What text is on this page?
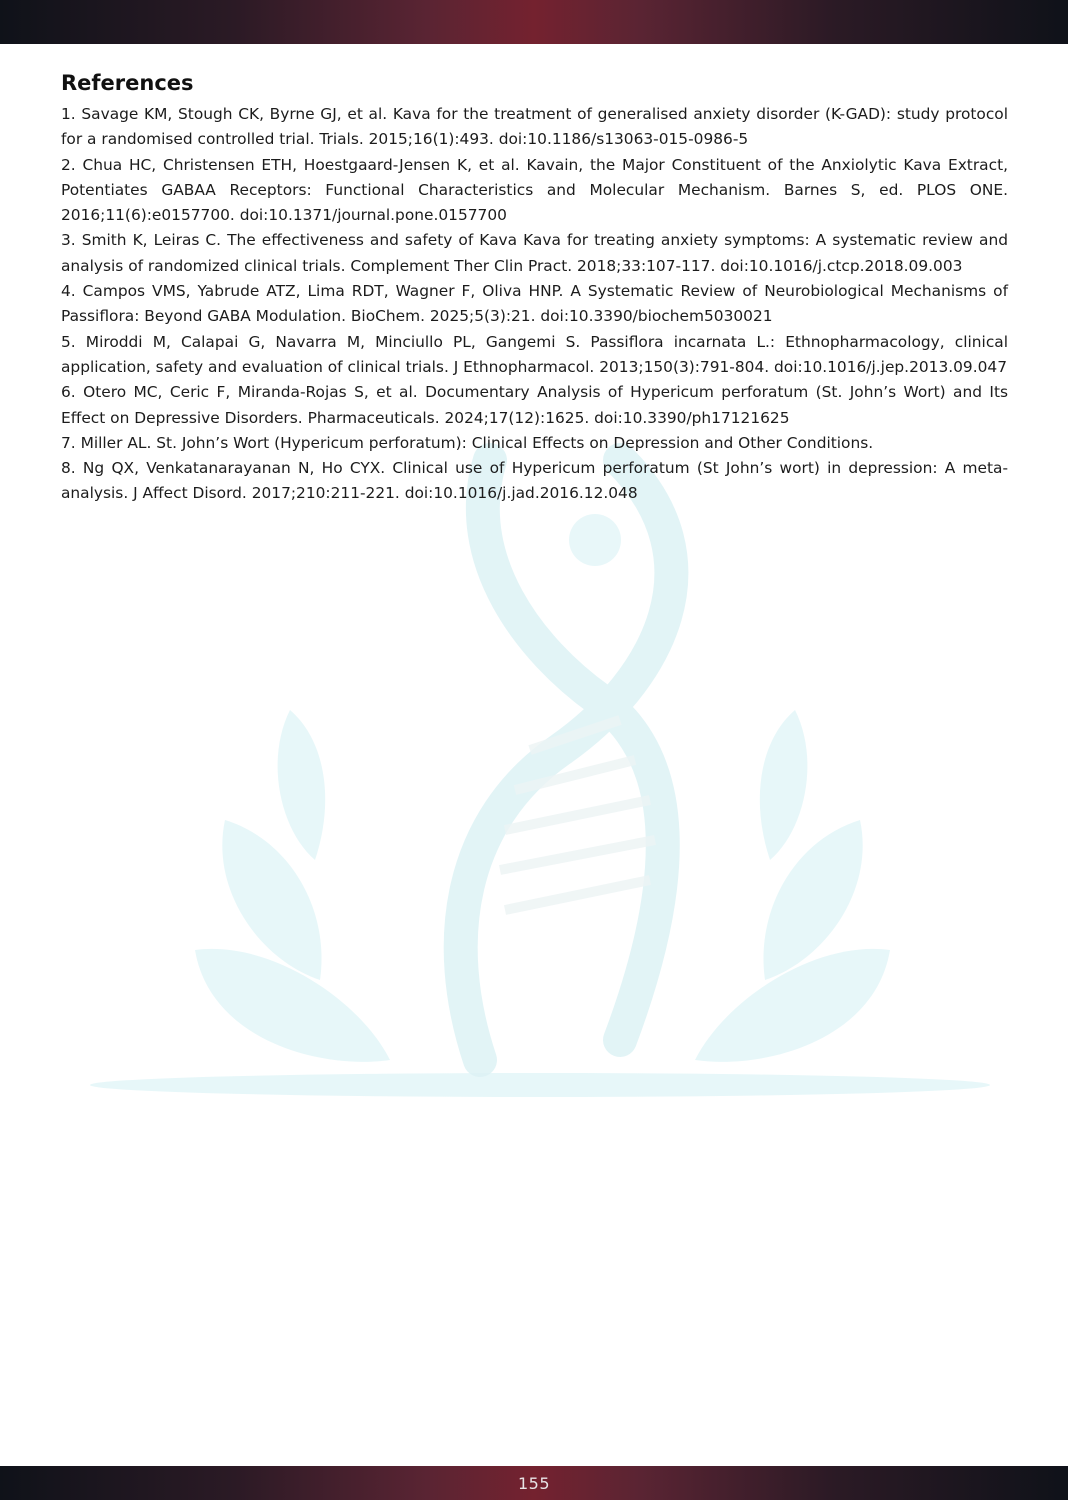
References
1. Savage KM, Stough CK, Byrne GJ, et al. Kava for the treatment of generalised anxiety disorder (K-GAD): study protocol for a randomised controlled trial. Trials. 2015;16(1):493. doi:10.1186/s13063-015-0986-5
2. Chua HC, Christensen ETH, Hoestgaard-Jensen K, et al. Kavain, the Major Constituent of the Anxiolytic Kava Extract, Potentiates GABAA Receptors: Functional Characteristics and Molecular Mechanism. Barnes S, ed. PLOS ONE. 2016;11(6):e0157700. doi:10.1371/journal.pone.0157700
3. Smith K, Leiras C. The effectiveness and safety of Kava Kava for treating anxiety symptoms: A systematic review and analysis of randomized clinical trials. Complement Ther Clin Pract. 2018;33:107-117. doi:10.1016/j.ctcp.2018.09.003
4. Campos VMS, Yabrude ATZ, Lima RDT, Wagner F, Oliva HNP. A Systematic Review of Neurobiological Mechanisms of Passiflora: Beyond GABA Modulation. BioChem. 2025;5(3):21. doi:10.3390/biochem5030021
5. Miroddi M, Calapai G, Navarra M, Minciullo PL, Gangemi S. Passiflora incarnata L.: Ethnopharmacology, clinical application, safety and evaluation of clinical trials. J Ethnopharmacol. 2013;150(3):791-804. doi:10.1016/j.jep.2013.09.047
6. Otero MC, Ceric F, Miranda-Rojas S, et al. Documentary Analysis of Hypericum perforatum (St. John’s Wort) and Its Effect on Depressive Disorders. Pharmaceuticals. 2024;17(12):1625. doi:10.3390/ph17121625
7. Miller AL. St. John’s Wort (Hypericum perforatum): Clinical Effects on Depression and Other Conditions.
8. Ng QX, Venkatanarayanan N, Ho CYX. Clinical use of Hypericum perforatum (St John’s wort) in depression: A meta-analysis. J Affect Disord. 2017;210:211-221. doi:10.1016/j.jad.2016.12.048
155
